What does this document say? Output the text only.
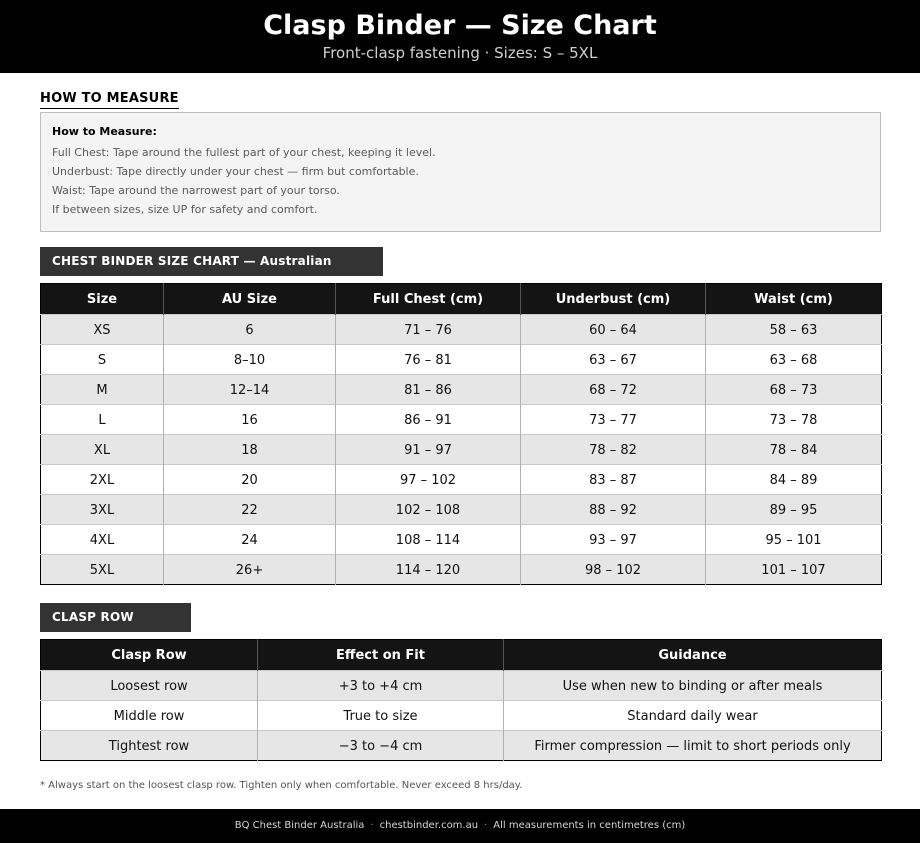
Clasp Binder — Size Chart
Front-clasp fastening · Sizes: S – 5XL
HOW TO MEASURE
How to Measure:
Full Chest: Tape around the fullest part of your chest, keeping it level.
Underbust: Tape directly under your chest — firm but comfortable.
Waist: Tape around the narrowest part of your torso.
If between sizes, size UP for safety and comfort.
CHEST BINDER SIZE CHART — Australian
Size	AU Size	Full Chest (cm)	Underbust (cm)	Waist (cm)
XS	6	71 – 76	60 – 64	58 – 63
S	8–10	76 – 81	63 – 67	63 – 68
M	12–14	81 – 86	68 – 72	68 – 73
L	16	86 – 91	73 – 77	73 – 78
XL	18	91 – 97	78 – 82	78 – 84
2XL	20	97 – 102	83 – 87	84 – 89
3XL	22	102 – 108	88 – 92	89 – 95
4XL	24	108 – 114	93 – 97	95 – 101
5XL	26+	114 – 120	98 – 102	101 – 107
CLASP ROW
Clasp Row	Effect on Fit	Guidance
Loosest row	+3 to +4 cm	Use when new to binding or after meals
Middle row	True to size	Standard daily wear
Tightest row	−3 to −4 cm	Firmer compression — limit to short periods only
* Always start on the loosest clasp row. Tighten only when comfortable. Never exceed 8 hrs/day.
BQ Chest Binder Australia · chestbinder.com.au · All measurements in centimetres (cm)
